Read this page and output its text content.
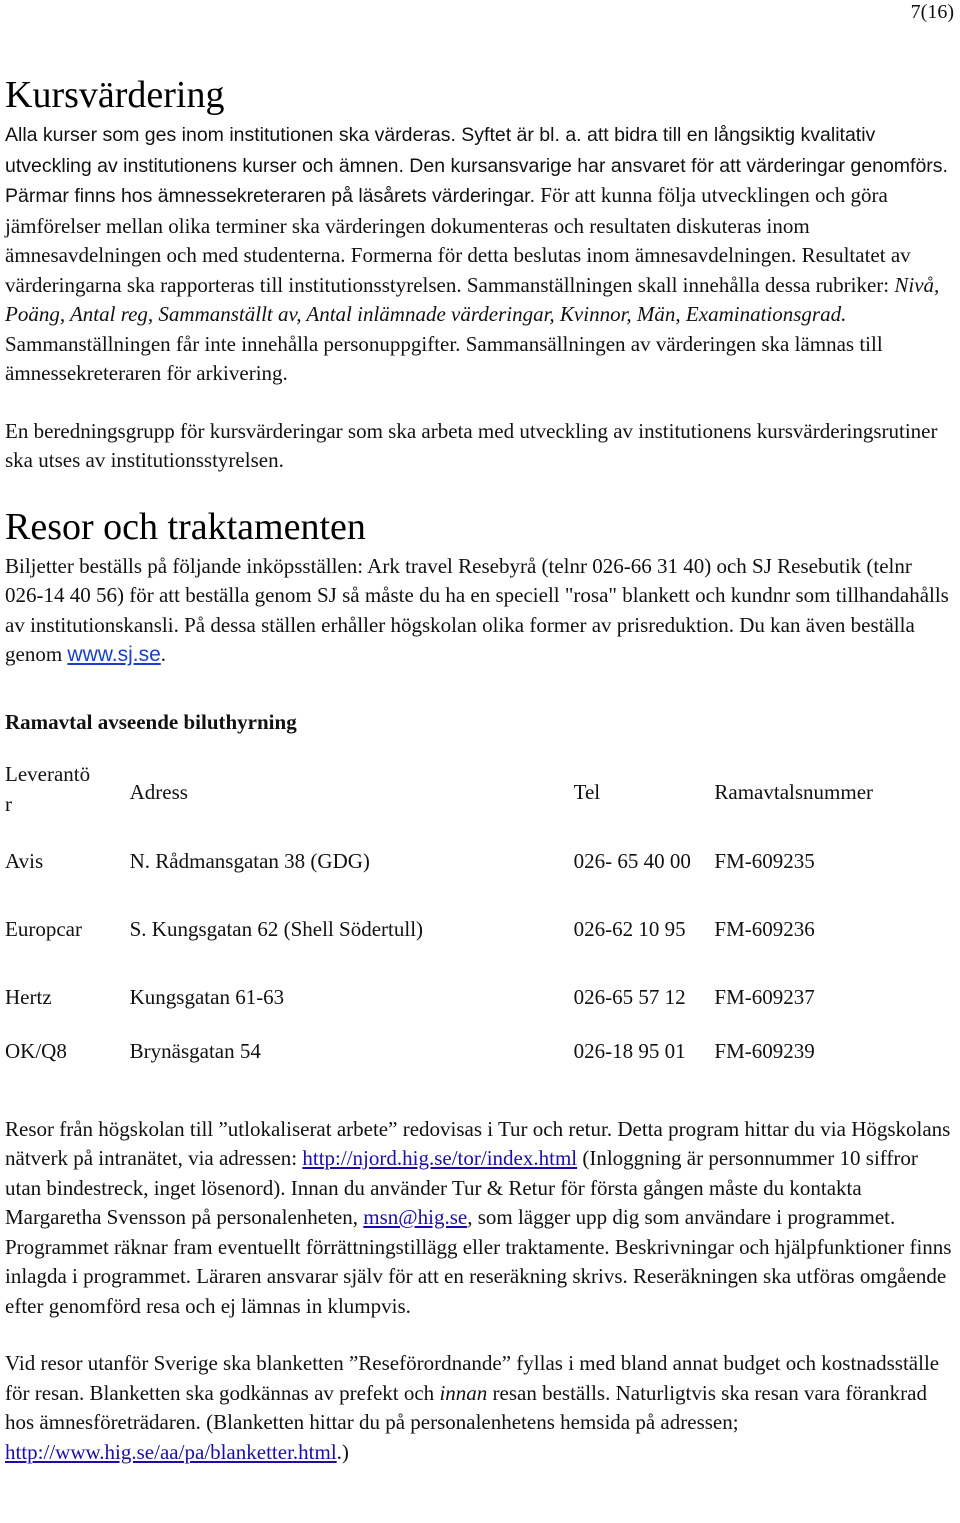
7(16)
Kursvärdering

Alla kurser som ges inom institutionen ska värderas. Syftet är bl. a. att bidra till en långsiktig kvalitativ utveckling av institutionens kurser och ämnen. Den kursansvarige har ansvaret för att värderingar genomförs. Pärmar finns hos ämnessekreteraren på läsårets värderingar. För att kunna följa utvecklingen och göra jämförelser mellan olika terminer ska värderingen dokumenteras och resultaten diskuteras inom ämnesavdelningen och med studenterna. Formerna för detta beslutas inom ämnesavdelningen. Resultatet av värderingarna ska rapporteras till institutionsstyrelsen. Sammanställningen skall innehålla dessa rubriker: Nivå, Poäng, Antal reg, Sammanställt av, Antal inlämnade värderingar, Kvinnor, Män, Examinationsgrad. Sammanställningen får inte innehålla personuppgifter. Sammansällningen av värderingen ska lämnas till ämnessekreteraren för arkivering.

En beredningsgrupp för kursvärderingar som ska arbeta med utveckling av institutionens kursvärderingsrutiner ska utses av institutionsstyrelsen.

Resor och traktamenten

Biljetter beställs på följande inköpsställen: Ark travel Resebyrå (telnr 026-66 31 40) och SJ Resebutik (telnr 026-14 40 56) för att beställa genom SJ så måste du ha en speciell "rosa" blankett och kundnr som tillhandahålls av institutionskansli. På dessa ställen erhåller högskolan olika former av prisreduktion. Du kan även beställa genom www.sj.se.

Ramavtal avseende biluthyrning
Leverantö
r	Adress	Tel	Ramavtalsnummer
Avis	N. Rådmansgatan 38 (GDG)	026- 65 40 00	FM-609235
Europcar	S. Kungsgatan 62 (Shell Södertull)	026-62 10 95	FM-609236
Hertz	Kungsgatan 61-63	026-65 57 12	FM-609237
OK/Q8	Brynäsgatan 54	026-18 95 01	FM-609239

Resor från högskolan till ”utlokaliserat arbete” redovisas i Tur och retur. Detta program hittar du via Högskolans nätverk på intranätet, via adressen: http://njord.hig.se/tor/index.html (Inloggning är personnummer 10 siffror utan bindestreck, inget lösenord). Innan du använder Tur & Retur för första gången måste du kontakta Margaretha Svensson på personalenheten, msn@hig.se, som lägger upp dig som användare i programmet. Programmet räknar fram eventuellt förrättningstillägg eller traktamente. Beskrivningar och hjälpfunktioner finns inlagda i programmet. Läraren ansvarar själv för att en reseräkning skrivs. Reseräkningen ska utföras omgående efter genomförd resa och ej lämnas in klumpvis.

Vid resor utanför Sverige ska blanketten ”Reseförordnande” fyllas i med bland annat budget och kostnadsställe för resan. Blanketten ska godkännas av prefekt och innan resan beställs. Naturligtvis ska resan vara förankrad hos ämnesföreträdaren. (Blanketten hittar du på personalenhetens hemsida på adressen; http://www.hig.se/aa/pa/blanketter.html.)
